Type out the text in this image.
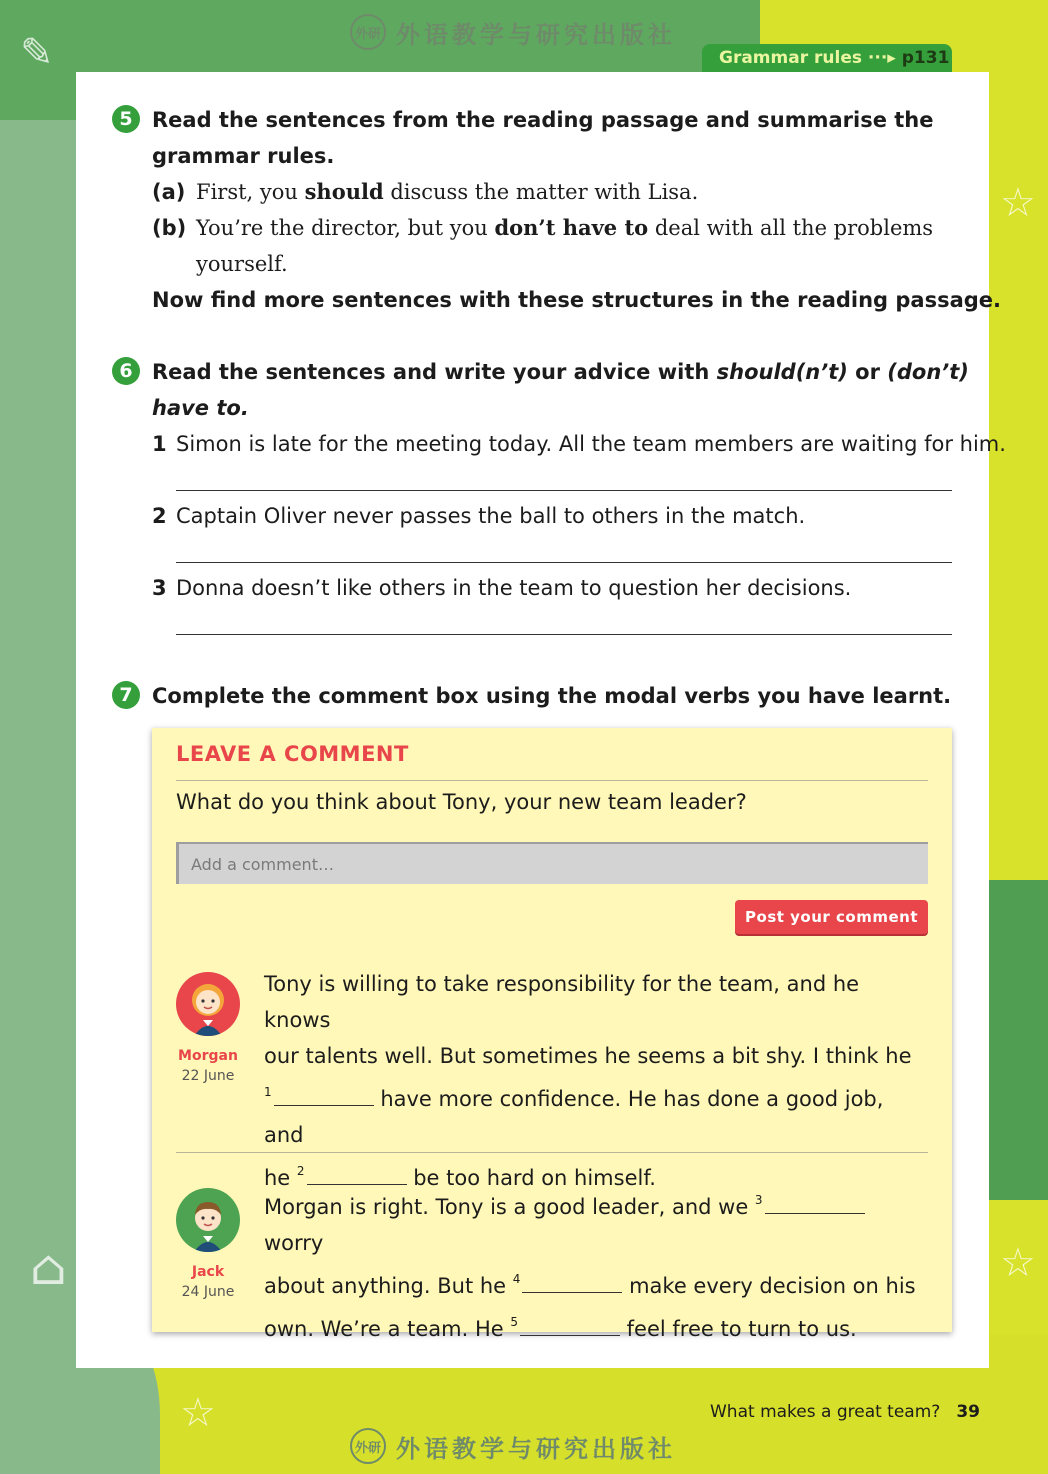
✎
☆
☆
☆
⌂
外研 外语教学与研究出版社
Grammar rules ···▸ p131
5 Read the sentences from the reading passage and summarise the
grammar rules.
(a) First, you should discuss the matter with Lisa.
(b) You’re the director, but you don’t have to deal with all the problems
yourself.
Now find more sentences with these structures in the reading passage.
6 Read the sentences and write your advice with should(n’t) or (don’t)
have to.
1 Simon is late for the meeting today. All the team members are waiting for him.
2 Captain Oliver never passes the ball to others in the match.
3 Donna doesn’t like others in the team to question her decisions.
7 Complete the comment box using the modal verbs you have learnt.
LEAVE A COMMENT
What do you think about Tony, your new team leader?
Add a comment…
Post your comment
Morgan
22 June
Tony is willing to take responsibility for the team, and he knows
our talents well. But sometimes he seems a bit shy. I think he
$^1$	have more confidence. He has done a good job, and
he $^2$	be too hard on himself.
Jack
24 June
Morgan is right. Tony is a good leader, and we $^3$ worry
about anything. But he $^4$	make every decision on his
own. We’re a team. He $^5$	feel free to turn to us.
What makes a great team? 39
外研 外语教学与研究出版社
